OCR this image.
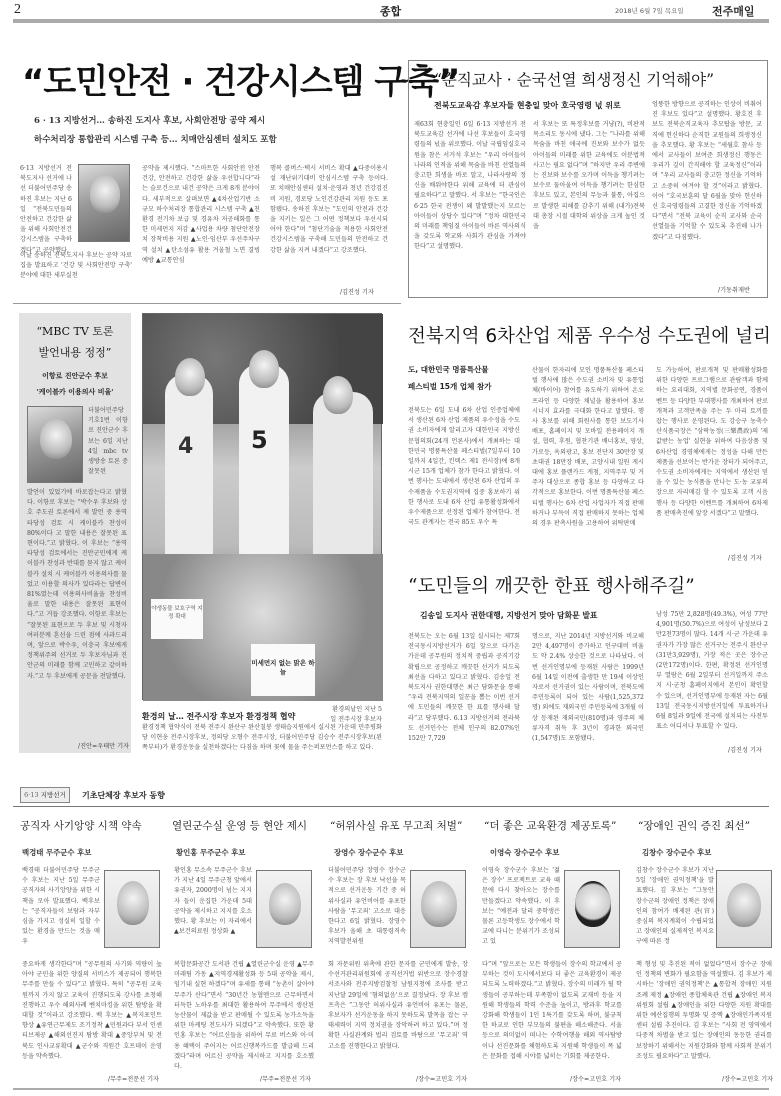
2	종합	2018년 6월 7일 목요일	전주매일
“도민안전 · 건강시스템 구축”
6 · 13 지방선거… 송하진 도지사 후보, 사회안전망 공약 제시
하수처리장 통합관리 시스템 구축 등… 치매안심센터 설치도 포함
6·13 지방선거 전북도지사 선거에 나선 더불어민주당 송하진 후보는 지난 6일 “전북도민들의 안전하고 건강한 삶을 위해 사회안전건강시스템을 구축하겠다”고 공약했다.
이날 송하진 전북도지사 후보는 공약 자료집을 발표하고 '건강 및 사회안전망 구축' 분야에 대한 세부실천
공약을 제시했다. “스마트한 사회안전 안전건강, 안전하고 건강한 삶을 우선합니다”라는 슬로건으로 내건 공약은 크게 8개 분야이다. 세부적으로 살펴보면 ▲4차산업기반 소규모 하수처리장 통합관리 시스템 구축 ▲친환경 전기차 보급 및 경유차 저공해화를 통한 미세먼지 저감 ▲사업용 차량 첨단안전장치 장착비용 지원 ▲노인·임산부 우선주차구역 설치 ▲탄소섬유 활용 겨울철 노면 결빙 예방 ▲교통안심
행복 콜버스·택시 서비스 확대 ▲다중이용시설 재난위기대비 안심시스템 구축 등이다. 또 치매안심센터 설치·운영과 청년 건강검진비 지원, 경로당 노인건강관리 지원 등도 포함됐다. 송하진 후보는 “도민의 안전과 건강을 지키는 일은 그 어떤 정책보다 우선시되어야 한다”며 “첨단기술을 적용한 사회안전건강시스템을 구축해 도민들의 안전하고 건강한 삶을 지켜 내겠다”고 강조했다.
/김진성 기자
“순직교사 · 순국선열 희생정신 기억해야”
전북도교육감 후보자들 현충일 맞아 호국영령 넋 위로
제63회 현충일인 6일 6·13 지방선거 전북도교육감 선거에 나선 후보들이 호국영령들의 넋을 위로했다. 이날 국립임실호국원을 참은 서거석 후보는 “우리 아이들이 나라의 인적을 위해 목숨을 바친 선열들의 충고한 희생을 바로 알고, 나라사랑의 정신을 배워야한다 위해 교육에 더 관심이 필요하다”고 말했다. 서 후보는 “한국인은 6·25 한국 전쟁이 왜 발발했는지 모르는 아이들이 상당수 있다”며 “정차 대한민국의 미래를 책임질 아이들이 바른 역사의식을 갖도록 학교와 사회가 관심을 가져야 한다”고 설명했다.
서 후보는 또 특정후보를 거냥(?), 비판적 목소리도 동시에 냈다. 그는 “나라를 위해 목숨을 바친 애국에 진보와 보수가 없듯 아이들의 미래를 위한 교육에도 이분법적 사고는 필요 없다”며 “하지만 우리 주변에는 진보와 보수를 오가며 이득을 챙기려는 보수로 둘아울여 이득을 챙기려는 한심한 후보도 있고, 본인의 무능과 불통, 아집으로 발생한 피해를 감추기 위해 (내가)전북대 총장 시절 대학의 위상을 크게 높인 것을
엉뚱한 방향으로 공격하는 인상이 비춰어진 후보도 있다”고 설명했다. 황호진 후보도 전북순직교육자 추모탑을 방문, 교직에 헌신하다 순직한 교원들의 희생정신을 추모했다. 황 후보는 “세월호 참사 등에서 교사들이 보여준 희생정신 행동은 우리가 깊이 간직해야 할 교육정신”이라며 “우리 교사들의 충고한 정신을 기억하고 소중히 여겨야 할 것”이라고 밝혔다. 이어 “호국보훈의 달 6월을 맞아 헌신하신 호국영령들의 고결한 정신을 기억하겠다”면서 “전북 교육이 순직 교사와 순국선열들을 기억할 수 있도록 추진해 나가겠다”고 다짐했다.
/기동취재반
“MBC TV 토론
발언내용 정정”
이항로 진안군수 후보
'케이블카 이용의사 비율'
더불어민주당 기호1번 이항로 진안군수 후보는 6일 지난 4일 mbc tv 생방송 토론 중 잘못된
발언이 있었기에 바로잡는다고 밝혔다. 이항로 후보는 “박수우 후보와 상호 주도권 토론에서 제 발언 중 용역 타당성 검토 시 케이블카 찬성이 80%이다 고 말한 내용은 잘못된 표현이다.”고 밝혔다. 이 후보는 “용역타당성 검토에서는 진안군민에게 케이블카 찬성과 반대를 묻지 않고 케이블카 설치 시 케이블카 이용의사를 물었고 이용할 의사가 있다라는 답변이 81%였는데 이용의사비율을 찬성비율로 말한 내용은 잘못된 표현이다.”고 거듭 강조했다. 이항로 후보는 “잘못된 표현으로 두 후보 및 시청자여러분께 혼선을 드린 점에 사과드리며, 앞으로 박수우, 이충국 후보에게 정책위주의 선거로 두 후보자님과 진안군의 미래를 함께 고민하고 같이하자.”고 두 후보에게 공문을 전달했다.
/진안=우태만 기자
4 5
야생동물 보호구역 지정 확대
미세먼지 없는 맑은 하늘
환경의 날… 전주시장 후보자 환경정책 협약
환경의날인 지난 5일 전주시장 후보자
환경정책 협약식이 전북 전주시 완산구 완산칠봉 생태습지원에서 실시된 가운데 민주평화당 이현웅 전주시장후보, 정의당 오형수 전주시장, 더불어민주당 김승수 전주시장후보(왼쪽부터)가 환경운동을 실천하겠다는 다짐을 하며 꽃에 물을 주는퍼포먼스를 하고 있다.
전북지역 6차산업 제품 우수성 수도권에 널리
도, 대한민국 명품특산물
페스티벌 15개 업체 참가
전북도는 6일 도내 6차 산업 인증업체에서 생산된 6차 산업 제품의 우수성을 수도권 소비자에게 알리고자 대한민국 지방신문협의회(24개 언론사)에서 개최하는 대한민국 명품특산물 페스티벌(7일부터 10일까지 4일간, 킨텍스 제1 전시장)에 8개 시군 15개 업체가 참가 한다고 밝혔다. 이번 행사는 도내에서 생산된 6차 산업의 우수제품을 수도권지역에 집중 홍보하기 위한 행사로 도내 6차 산업 유통활성화에서 우수제품으로 선정된 업체가 참여한다. 전국도 관계자는 전국 85도 우수 특
산물이 한자리에 모인 명품특산물 페스티벌 행사에 많은 수도권 소비자 및 유통업체(바이어) 참여를 유도하기 위하여 온오프라인 등 다양한 채널을 활용하여 홍보 시너지 효과를 극대화 한다고 말했다. 행사 홍보를 위해 회원사를 통한 보도기사 배포, 홈페이지 및 모바일 전용페이지 개설, 협력, 후원, 협찬기관 배너홍보, 영상, 가로등, 옥외광고, 홍보 전단지 30만장 및 초대권 18만장 배포, 고양시내 일원 게시대에 홍보 플랜카드 게첨, 지역주부 및 거주자 대상으로 종합 홍보 등 다양하고 다각적으로 홍보한다. 이번 명품특산물 페스티벌 행사는 6차 산업 사업자가 직접 판매 하거나 부득이 직접 판매하지 못하는 업체의 경우 판촉사원을 고용하여 위탁판매
도 가능하여, 판로개척 및 판매활성화를 위한 다양한 프로그램으로 관람객과 함께하는 요리대회, 지역별 문화공연, 경품이벤트 등 다양한 부대행사를 개최하여 판로개척과 고객만족을 주는 두 마리 토끼를 잡는 행사로 운영된다. 도 강승구 농축수산식품국장은 “삼락농정(三樂農政)의 '제값받는 농업' 실현을 위하여 다음상품 및 6차산업 경영체에게는 정성을 다해 만든 제품을 선보이는 반가운 장터가 되어주고, 수도권 소비자에게는 지역에서 생산된 믿을 수 있는 농식품을 만나는 도·농 교류의 장으로 자리매김 할 수 있도록 고객 시음행사 등 다양한 이벤트를 개최하여 6차제품 판매촉진에 앞장 서겠다”고 말했다.
/김진성 기자
“도민들의 깨끗한 한표 행사해주길”
김송일 도지사 권한대행, 지방선거 맞아 담화문 발표
전북도는 오는 6월 13일 실시되는 제7회 전국동시지방선거가 6일 앞으로 다가온 가운데 공무원의 정치적 중립과 공직기강 확립으로 공정하고 깨끗한 선거가 되도록 최선을 다하고 있다고 밝혔다. 김송일 전북도지사 권한대행은 최근 담화문을 통해 “우리 전북지역의 일꾼을 뽑는 이번 선거에 도민들의 깨끗한 한 표를 행사해 달라”고 당부했다. 6.13 지방선거의 전라북도 선거인수는 전체 인구의 82.07%인 152만 7,729
명으로, 지난 2014년 지방선거와 비교해 2만 4,497명이 증가하고 인구대비 비율도 약 2.4% 상승한 것으로 나타났다. 이번 선거인명부에 등재된 사람은 1999년 6월 14일 이전에 출생한 만 19세 이상인 자로서 선거권이 있는 사람이며, 전북도에 주민등록이 되어 있는 사람(1,525,372명) 외에도 재외국민 주민등록에 3개월 이상 등재된 재외국민(810명)과 영주의 체류자격 취득 후 3년이 경과한 외국인(1,547명)도 포함됐다.
남성 75만 2,828명(49.3%), 여성 77만 4,901명(50.7%)으로 여성이 남성보다 2만2천73명이 많다. 14개 시·군 가운데 유권자가 가장 많은 선거구는 전주시 완산구(31만3,929명), 가장 적은 곳은 장수군(2만172명)이다. 한편, 확정된 선거인명부 열람은 6월 2일부터 선거일까지 주소지 시·군청 홈페이지에서 본인이 확인할 수 있으며, 선거인명부에 등재된 자는 6월 13일 전국동시지방선거일에 투표하거나 6월 8일과 9일에 전국에 설치되는 사전투표소 어디서나 투표할 수 있다.
/김진성 기자
6·13 지방선거	기초단체장 후보자 동향
공직자 사기앙양 시책 약속
백경태 무주군수 후보
백경태 더불어민주당 무주군수 후보는 지난 5일 무주군 공직자의 사기앙양을 위한 시책을 모아 발표했다. 백후보는 “공직자들이 보람과 자부심을 가지고 성실히 일할 수 있는 환경을 만드는 것을 매우
중요하게 생각한다”며 “공무원의 사기와 역량이 높아야 군민을 위한 양질의 서비스가 제공되어 행복한 무주를 만들 수 있다”고 밝혔다. 특히 “공무원 교육원까지 가지 않고 교육이 진행되도록 강사를 초청해 진행하고 우수 해외사례 벤치마킹을 위한 탐방을 확대할 것”이라고 강조했다. 백 후보는 ▲복지포인트 향상 ▲유연근무제도 조기정착 ▲민원과다 부서 인센티브제공 ▲해외선진지 탐방 확대 ▲중앙부처 및 전북도 인사교류확대 ▲군수와 직원간 호프데이 운영 등을 약속했다.
/무주=전문선 기자
열린군수실 운영 등 현안 제시
황인홍 무주군수 후보
황인홍 무소속 무주군수 후보가 지난 4일 무주군청 앞에서 유권자, 2000명이 넘는 지지자 들이 운집한 가운데 5대 공약을 제시하고 지지를 호소했다. 황 후보는 이 자리에서 ▲보건의료원 정상화 ▲
복합문화공간 도서관 건립 ▲열린군수실 운영 ▲무주미래팀 가동 ▲지역경제활성화 등 5대 공약을 제시, 임기내 실현 하겠다”며 유세를 통해 “농촌이 살아야 무주가 산다”면서 “30년간 농협맨으로 근무하면서 터득한 노하우를 최대한 활용하여 무주에서 생산된 농산물이 제값을 받고 판매될 수 있도록 농가소득을 위한 마케팅 전도사가 되겠다”고 약속했다. 또한 황인홍 후보는 “어르신들을 위하여 무료 버스와 이·미용 혜택이 주어지는 어르신행복카드를 발급해 드리겠다”라며 어르신 공약을 제시하고 지지를 호소했다.
/무주=전문선 기자
“허위사실 유포 무고죄 처벌”
장영수 장수군수 후보
더불어민주당 장영수 장수군수 후보는 장 후보 낙선을 목적으로 선거운동 기간 중 허위사실과 유언비어를 유포한 사람을 '무고죄' 고소로 대응한다고 6일 밝혔다. 장영수 후보가 올해 초 대통령직속 지역발전위원
회 자문위원 위촉에 관한 문자를 군민에게 발송, 장수선거관리위원회에 공직선거법 위반으로 장수경찰서조사와 전주지방검찰청 남원지청에 조사를 받고 지난달 29일에 '혐의없음'으로 결정났다. 장 후보 캠프측은 “그동안 허위사실과 유언비어 유포는 물론, 후보자가 선거운동을 하지 못하도록 발목을 잡는 구태세력이 지역 정치권을 장악하려 하고 있다.”며 정확한 사실관계와 법리 검토를 바탕으로 '무고죄' 역고소를 진행한다고 밝혔다.
/장수=고민호 기자
“더 좋은 교육환경 제공토록”
이영숙 장수군수 후보
이영숙 장수군수 후보는 '젊은 장수' 프로젝트로 교육 때문에 다시 찾아오는 장수를 만들겠다고 약속했다. 이 후보는 “예전과 달리 중학생은 물론 고등학생도 장수에서 학교에 다니는 분위기가 조성되고 있
다”며 “앞으로는 모든 학생들이 장수의 학교에서 공부하는 것이 도시에서보다 더 좋은 교육환경이 제공되도록 노력하겠다.”고 밝혔다. 장수의 미래가 될 학생들이 공부하는데 부족함이 없도록 교재비 등을 지원해 학생들의 학력 수준을 높이고, 방과후 학교를 강화해 학생들이 1인 1특기를 갖도록 하며, 불규칙한 하교로 인한 부모들의 불편을 해소해준다. 서울 등으로 의미없이 떠나는 수학여행을 해외 역사탐방이나 선진문화를 체험하도록 지원해 학생들이 폭 넓은 문화를 접해 시야를 넓히는 기회를 제공한다.
/장수=고민호 기자
“장애인 권익 증진 최선”
김창수 장수군수 후보
김창수 장수군수 후보가 지난 5일 '장애인 권익정책'을 발표했다. 김 후보는 “그동안 장수군의 장애인 정책은 장애인의 참여가 배제된 관(官) 중심의 복지계획이 수립되었고 장애인의 실제적인 복지요구에 따른 정
책 형성 및 추진된 적이 없었다”면서 장수군 장애인 정책의 변화가 필요함을 역설했다. 김 후보가 제시하는 '장애인 권익정책'은 ▲통합적 장애인 지원 조례 제정 ▲장애인 종합체육관 건립 ▲장애인 복지위원회 설립 ▲장애인을 위한 다양한 지원 확대를 위한 예산집행의 투명화 및 증액 ▲장애인가족지원센터 설립 추진이다. 김 후보는 “사회 전 영역에서 다중적 차별을 받고 있는 장애인의 동등한 권리를 보장하기 위해서는 지원강화와 함께 사회적 분위기 조성도 필요하다”고 말했다.
/장수=고민호 기자
